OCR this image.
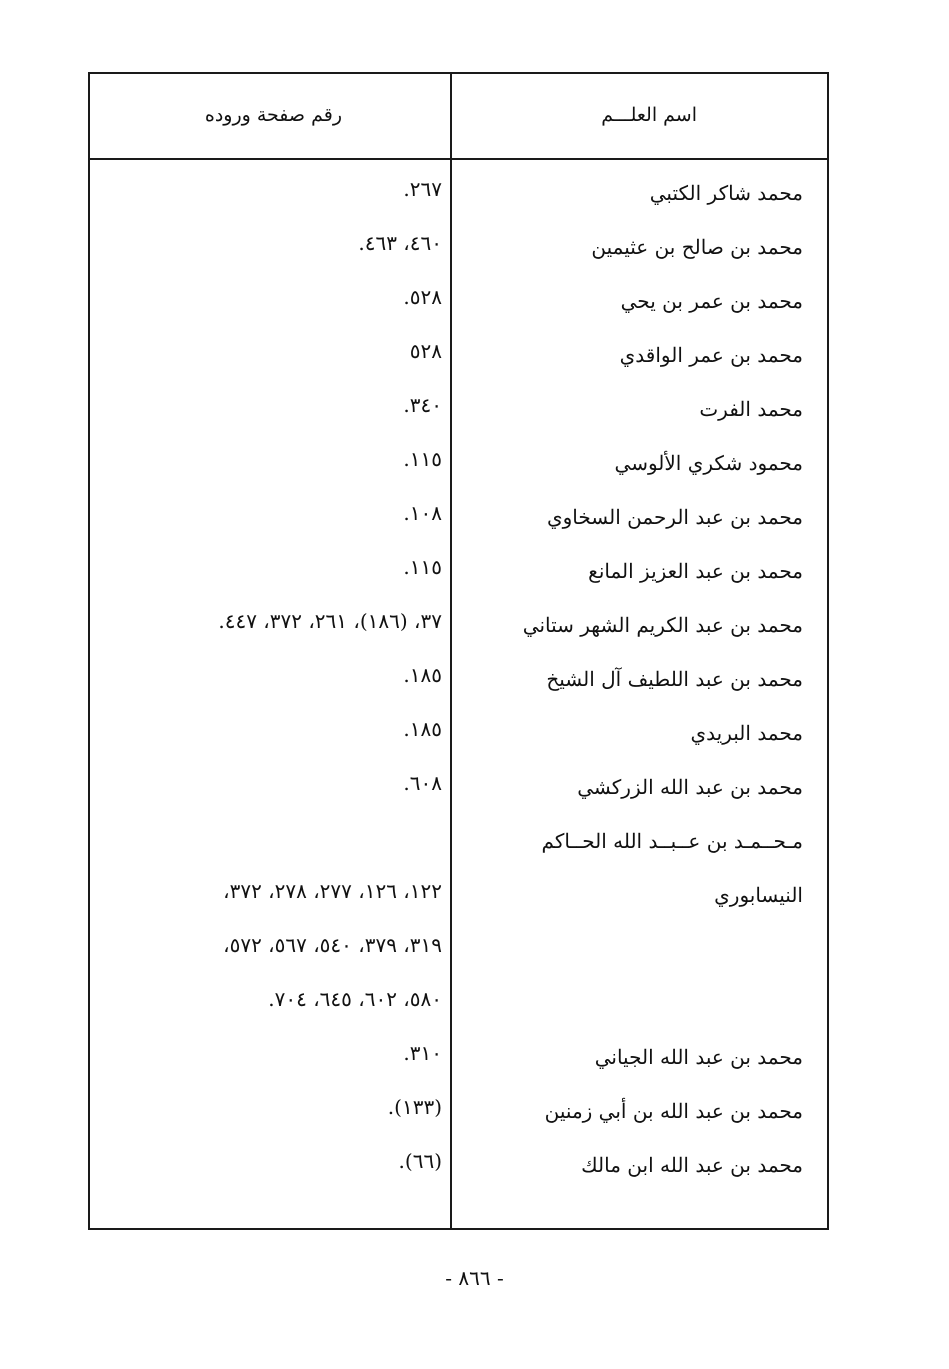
اسم العلـــم
رقم صفحة وروده
محمد شاكر الكتبي
٢٦٧.
محمد بن صالح بن عثيمين
٤٦٠، ٤٦٣.
محمد بن عمر بن يحي
٥٢٨.
محمد بن عمر الواقدي
٥٢٨
محمد الفرت
٣٤٠.
محمود شكري الألوسي
١١٥.
محمد بن عبد الرحمن السخاوي
١٠٨.
محمد بن عبد العزيز المانع
١١٥.
محمد بن عبد الكريم الشهر ستاني
٣٧، (١٨٦)، ٢٦١، ٣٧٢، ٤٤٧.
محمد بن عبد اللطيف آل الشيخ
١٨٥.
محمد البريدي
١٨٥.
محمد بن عبد الله الزركشي
٦٠٨.
مـحــمـد بن عــبــد الله الحــاكم
النيسابوري
١٢٢، ١٢٦، ٢٧٧، ٢٧٨، ٣٧٢،
٣١٩، ٣٧٩، ٥٤٠، ٥٦٧، ٥٧٢،
٥٨٠، ٦٠٢، ٦٤٥، ٧٠٤.
محمد بن عبد الله الجياني
٣١٠.
محمد بن عبد الله بن أبي زمنين
(١٣٣).
محمد بن عبد الله ابن مالك
(٦٦).
- ٨٦٦ -
